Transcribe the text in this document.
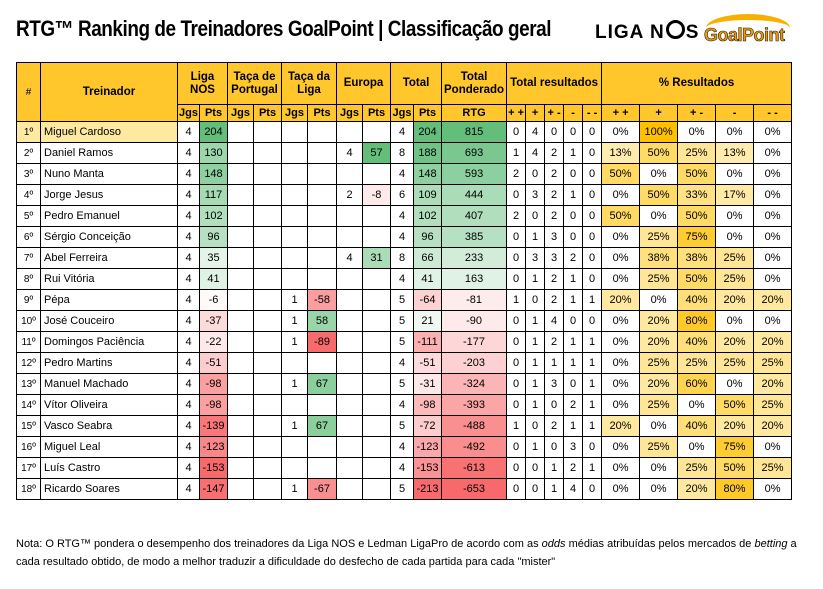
RTG™ Ranking de Treinadores GoalPoint | Classificação geral LIGA N S GoalPoint
#	Treinador	Liga NOS		Taça de Portugal		Taça da Liga		Europa		Total		Total Ponderado	Total resultados					% Resultados				
		Jgs	Pts	Jgs	Pts	Jgs	Pts	Jgs	Pts	Jgs	Pts	RTG	+ +	+	+ -	-	- -	+ +	+	+ -	-	- -
1º	Miguel Cardoso	4	204							4	204	815	0	4	0	0	0	0%	100%	0%	0%	0%
2º	Daniel Ramos	4	130					4	57	8	188	693	1	4	2	1	0	13%	50%	25%	13%	0%
3º	Nuno Manta	4	148							4	148	593	2	0	2	0	0	50%	0%	50%	0%	0%
4º	Jorge Jesus	4	117					2	-8	6	109	444	0	3	2	1	0	0%	50%	33%	17%	0%
5º	Pedro Emanuel	4	102							4	102	407	2	0	2	0	0	50%	0%	50%	0%	0%
6º	Sérgio Conceição	4	96							4	96	385	0	1	3	0	0	0%	25%	75%	0%	0%
7º	Abel Ferreira	4	35					4	31	8	66	233	0	3	3	2	0	0%	38%	38%	25%	0%
8º	Rui Vitória	4	41							4	41	163	0	1	2	1	0	0%	25%	50%	25%	0%
9º	Pépa	4	-6			1	-58			5	-64	-81	1	0	2	1	1	20%	0%	40%	20%	20%
10º	José Couceiro	4	-37			1	58			5	21	-90	0	1	4	0	0	0%	20%	80%	0%	0%
11º	Domingos Paciência	4	-22			1	-89			5	-111	-177	0	1	2	1	1	0%	20%	40%	20%	20%
12º	Pedro Martins	4	-51							4	-51	-203	0	1	1	1	1	0%	25%	25%	25%	25%
13º	Manuel Machado	4	-98			1	67			5	-31	-324	0	1	3	0	1	0%	20%	60%	0%	20%
14º	Vítor Oliveira	4	-98							4	-98	-393	0	1	0	2	1	0%	25%	0%	50%	25%
15º	Vasco Seabra	4	-139			1	67			5	-72	-488	1	0	2	1	1	20%	0%	40%	20%	20%
16º	Miguel Leal	4	-123							4	-123	-492	0	1	0	3	0	0%	25%	0%	75%	0%
17º	Luís Castro	4	-153							4	-153	-613	0	0	1	2	1	0%	0%	25%	50%	25%
18º	Ricardo Soares	4	-147			1	-67			5	-213	-653	0	0	1	4	0	0%	0%	20%	80%	0%
Nota: O RTG™ pondera o desempenho dos treinadores da Liga NOS e Ledman LigaPro de acordo com as odds médias atribuídas pelos mercados de betting a
cada resultado obtido, de modo a melhor traduzir a dificuldade do desfecho de cada partida para cada "mister"
